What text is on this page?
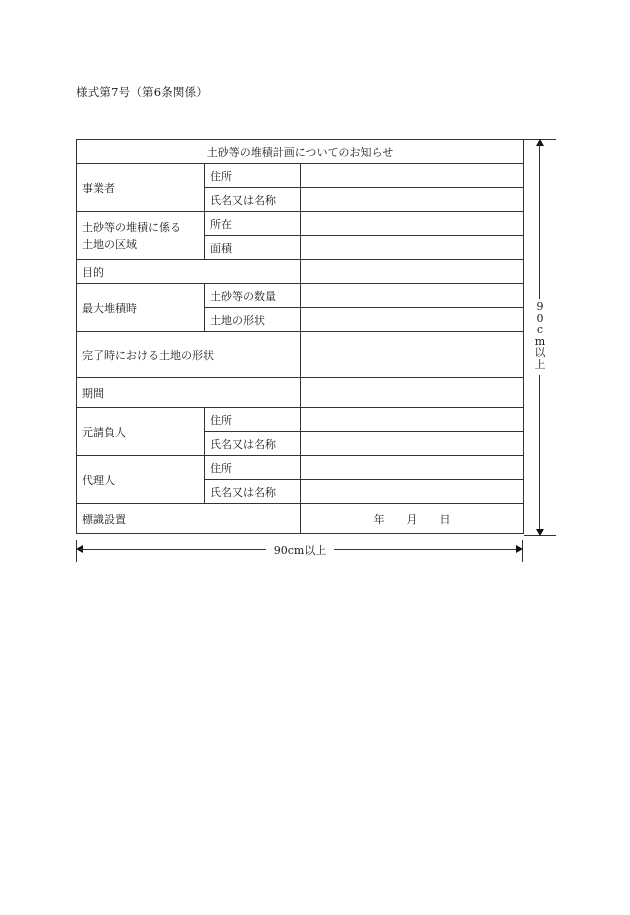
様式第7号（第6条関係）
土砂等の堆積計画についてのお知らせ		
事業者	住所	
	氏名又は名称	

土砂等の堆積に係る
土地の区域	所在	
	面積	
目的		
最大堆積時	土砂等の数量	
	土地の形状	
完了時における土地の形状		
期間		
元請負人	住所	
	氏名又は名称	
代理人	住所	
	氏名又は名称	
標識設置		年 月 日
90cm以上
9
0
c
m
以
上
